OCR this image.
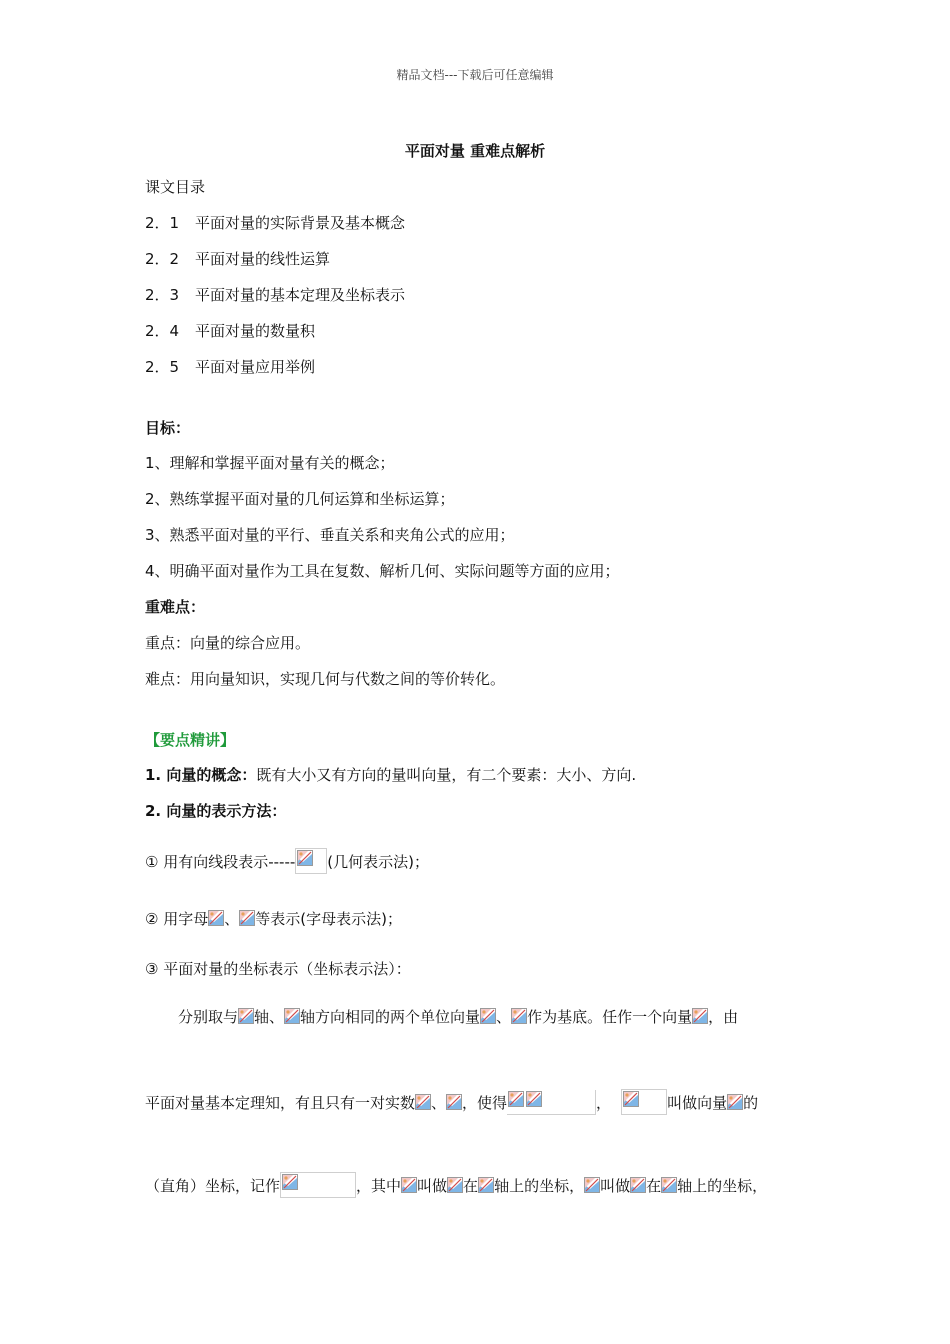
精品文档---下载后可任意编辑
平面对量 重难点解析
课文目录
2．1 平面对量的实际背景及基本概念
2．2 平面对量的线性运算
2．3 平面对量的基本定理及坐标表示
2．4 平面对量的数量积
2．5 平面对量应用举例
目标：
1、理解和掌握平面对量有关的概念；
2、熟练掌握平面对量的几何运算和坐标运算；
3、熟悉平面对量的平行、垂直关系和夹角公式的应用；
4、明确平面对量作为工具在复数、解析几何、实际问题等方面的应用；
重难点：
重点：向量的综合应用。
难点：用向量知识，实现几何与代数之间的等价转化。
【要点精讲】
1. 向量的概念：既有大小又有方向的量叫向量，有二个要素：大小、方向.
2. 向量的表示方法：
① 用有向线段表示----- (几何表示法)；
② 用字母 、 等表示(字母表示法)；
③ 平面对量的坐标表示（坐标表示法）：
分别取与 轴、 轴方向相同的两个单位向量 、 作为基底。任作一个向量 ，由
平面对量基本定理知，有且只有一对实数 、 ，使得	，	叫做向量 的
（直角）坐标，记作	，其中 叫做 在 轴上的坐标， 叫做 在 轴上的坐标，
